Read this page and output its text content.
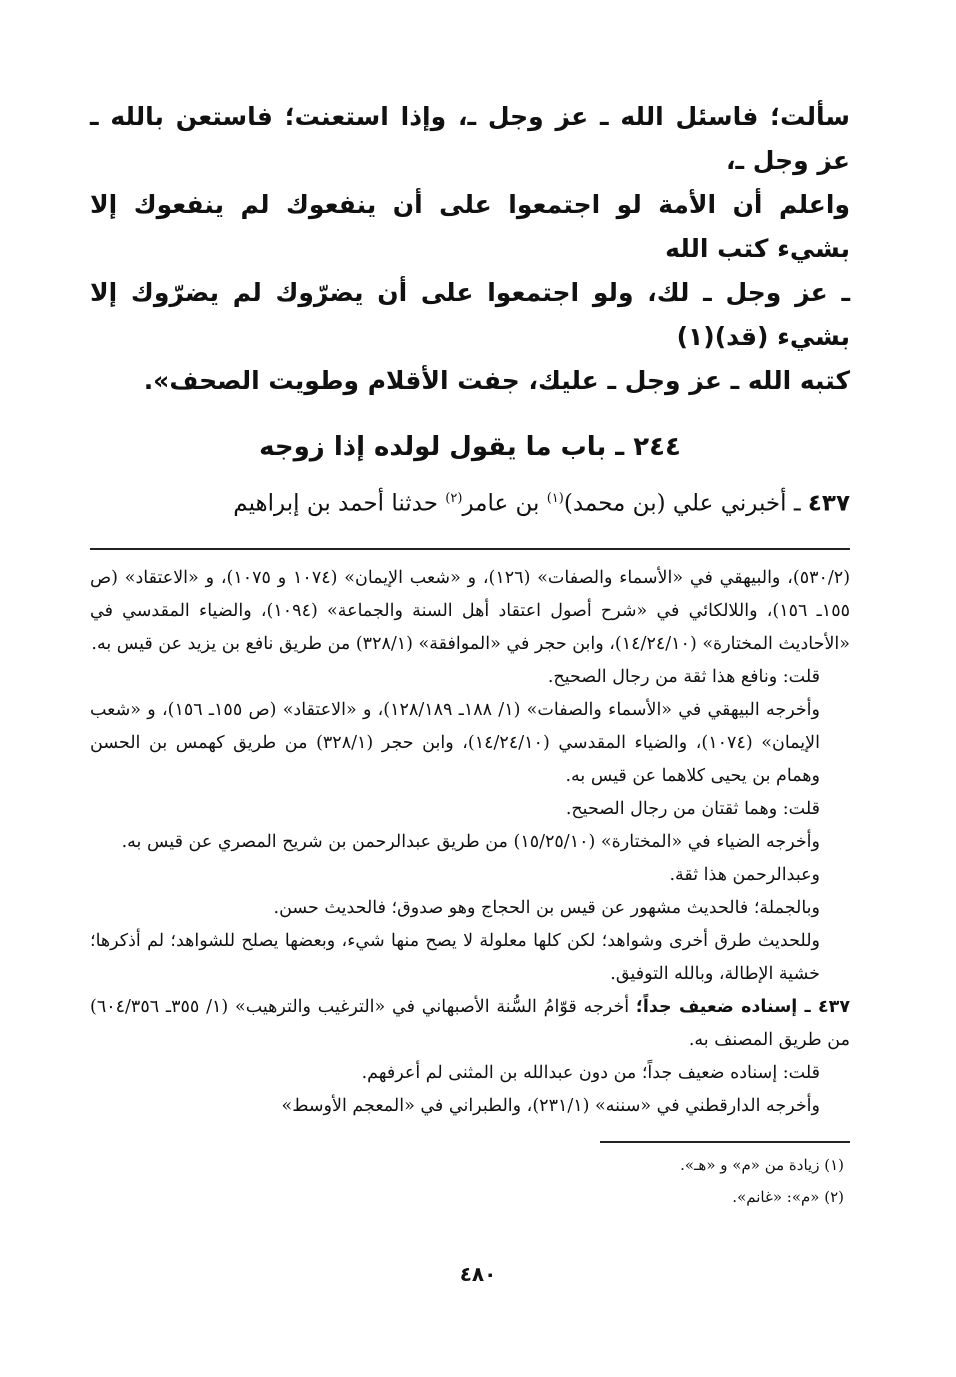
سألت؛ فاسئل الله ـ عز وجل ـ، وإذا استعنت؛ فاستعن بالله ـ عز وجل ـ،

واعلم أن الأمة لو اجتمعوا على أن ينفعوك لم ينفعوك إلا بشيء كتب الله

ـ عز وجل ـ لك، ولو اجتمعوا على أن يضرّوك لم يضرّوك إلا بشيء (قد)(١)

كتبه الله ـ عز وجل ـ عليك، جفت الأقلام وطويت الصحف».

٢٤٤ ـ باب ما يقول لولده إذا زوجه

٤٣٧ ـ أخبرني علي (بن محمد)$^{(١)}$ بن عامر$^{(٢)}$ حدثنا أحمد بن إبراهيم

(٥٣٠/٢)، والبيهقي في «الأسماء والصفات» (١٢٦)، و «شعب الإيمان» (١٠٧٤ و ١٠٧٥)، و «الاعتقاد» (ص ١٥٥ـ ١٥٦)، واللالكائي في «شرح أصول اعتقاد أهل السنة والجماعة» (١٠٩٤)، والضياء المقدسي في «الأحاديث المختارة» (١٤/٢٤/١٠)، وابن حجر في «الموافقة» (٣٢٨/١) من طريق نافع بن يزيد عن قيس به.

قلت: ونافع هذا ثقة من رجال الصحيح.

وأخرجه البيهقي في «الأسماء والصفات» (١/ ١٨٨ـ ١٢٨/١٨٩)، و «الاعتقاد» (ص ١٥٥ـ ١٥٦)، و «شعب الإيمان» (١٠٧٤)، والضياء المقدسي (١٤/٢٤/١٠)، وابن حجر (٣٢٨/١) من طريق كهمس بن الحسن وهمام بن يحيى كلاهما عن قيس به.

قلت: وهما ثقتان من رجال الصحيح.

وأخرجه الضياء في «المختارة» (١٥/٢٥/١٠) من طريق عبدالرحمن بن شريح المصري عن قيس به.

وعبدالرحمن هذا ثقة.

وبالجملة؛ فالحديث مشهور عن قيس بن الحجاج وهو صدوق؛ فالحديث حسن.

وللحديث طرق أخرى وشواهد؛ لكن كلها معلولة لا يصح منها شيء، وبعضها يصلح للشواهد؛ لم أذكرها؛ خشية الإطالة، وبالله التوفيق.

٤٣٧ ـ إسناده ضعيف جداً؛ أخرجه قوّامُ السُّنة الأصبهاني في «الترغيب والترهيب» (١/ ٣٥٥ـ ٦٠٤/٣٥٦) من طريق المصنف به.

قلت: إسناده ضعيف جداً؛ من دون عبدالله بن المثنى لم أعرفهم.

وأخرجه الدارقطني في «سننه» (٢٣١/١)، والطبراني في «المعجم الأوسط»

(١) زيادة من «م» و «هـ».

(٢) «م»: «غانم».

٤٨٠
